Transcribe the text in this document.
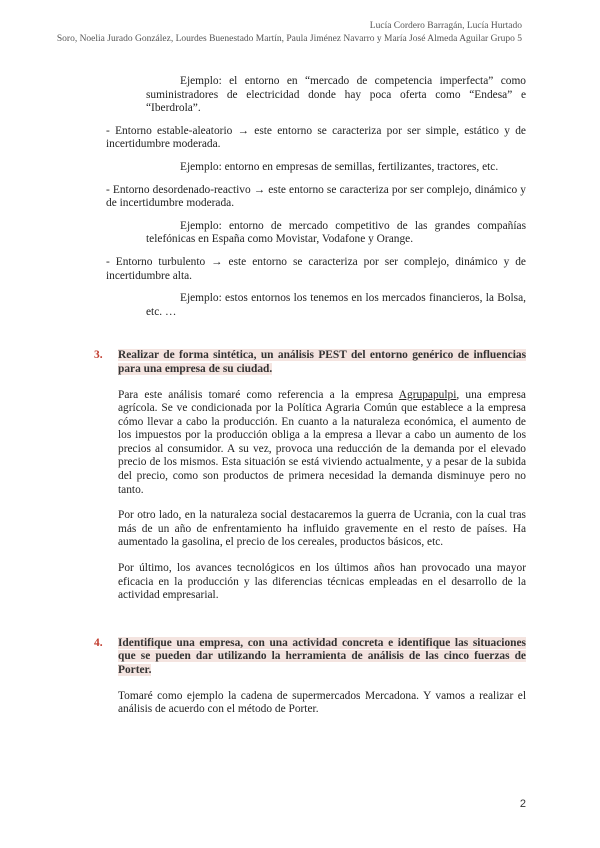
Lucía Cordero Barragán, Lucía Hurtado
Soro, Noelia Jurado González, Lourdes Buenestado Martín, Paula Jiménez Navarro y María José Almeda Aguilar Grupo 5

Ejemplo: el entorno en “mercado de competencia imperfecta” como suministradores de electricidad donde hay poca oferta como “Endesa” e “Iberdrola”.

- Entorno estable-aleatorio → este entorno se caracteriza por ser simple, estático y de incertidumbre moderada.

Ejemplo: entorno en empresas de semillas, fertilizantes, tractores, etc.

- Entorno desordenado-reactivo → este entorno se caracteriza por ser complejo, dinámico y de incertidumbre moderada.

Ejemplo: entorno de mercado competitivo de las grandes compañías telefónicas en España como Movistar, Vodafone y Orange.

- Entorno turbulento → este entorno se caracteriza por ser complejo, dinámico y de incertidumbre alta.

Ejemplo: estos entornos los tenemos en los mercados financieros, la Bolsa, etc. …

3. Realizar de forma sintética, un análisis PEST del entorno genérico de influencias para una empresa de su ciudad.

Para este análisis tomaré como referencia a la empresa Agrupapulpi, una empresa agrícola. Se ve condicionada por la Política Agraria Común que establece a la empresa cómo llevar a cabo la producción. En cuanto a la naturaleza económica, el aumento de los impuestos por la producción obliga a la empresa a llevar a cabo un aumento de los precios al consumidor. A su vez, provoca una reducción de la demanda por el elevado precio de los mismos. Esta situación se está viviendo actualmente, y a pesar de la subida del precio, como son productos de primera necesidad la demanda disminuye pero no tanto.

Por otro lado, en la naturaleza social destacaremos la guerra de Ucrania, con la cual tras más de un año de enfrentamiento ha influido gravemente en el resto de países. Ha aumentado la gasolina, el precio de los cereales, productos básicos, etc.

Por último, los avances tecnológicos en los últimos años han provocado una mayor eficacia en la producción y las diferencias técnicas empleadas en el desarrollo de la actividad empresarial.

4. Identifique una empresa, con una actividad concreta e identifique las situaciones que se pueden dar utilizando la herramienta de análisis de las cinco fuerzas de Porter.

Tomaré como ejemplo la cadena de supermercados Mercadona. Y vamos a realizar el análisis de acuerdo con el método de Porter.

2
